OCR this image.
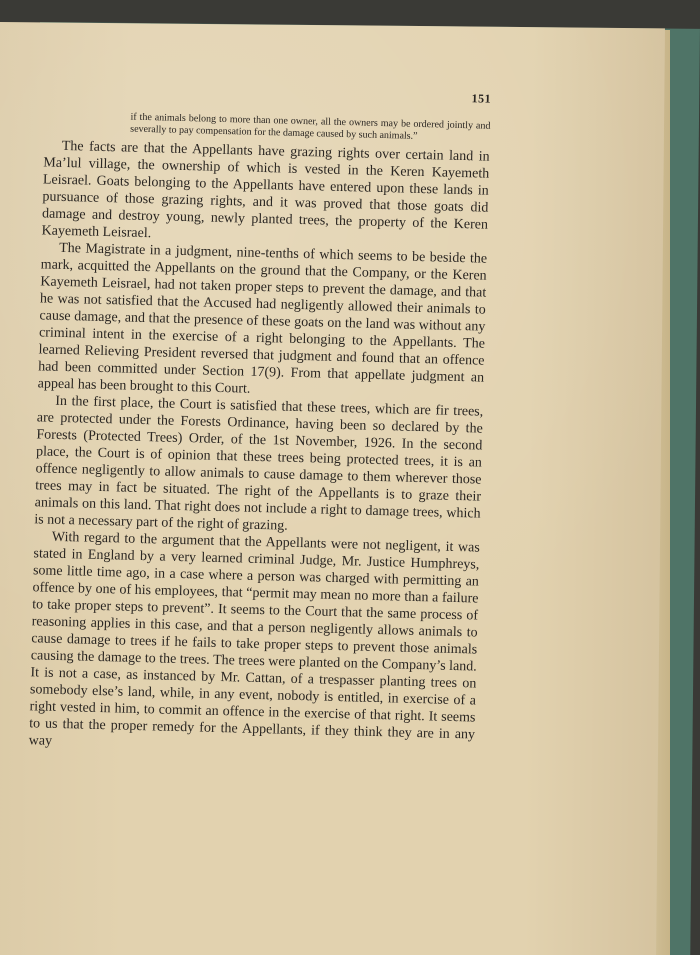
151

if the animals belong to more than one owner, all the owners may be ordered jointly and severally to pay compensation for the damage caused by such animals.”

The facts are that the Appellants have grazing rights over certain land in Ma’lul village, the ownership of which is vested in the Keren Kayemeth Leisrael. Goats belonging to the Appellants have entered upon these lands in pursuance of those grazing rights, and it was proved that those goats did damage and destroy young, newly planted trees, the property of the Keren Kayemeth Leisrael.

The Magistrate in a judgment, nine-tenths of which seems to be beside the mark, acquitted the Appellants on the ground that the Company, or the Keren Kayemeth Leisrael, had not taken proper steps to prevent the damage, and that he was not satisfied that the Accused had negligently allowed their animals to cause damage, and that the presence of these goats on the land was without any criminal intent in the exercise of a right belonging to the Appellants. The learned Relieving President reversed that judgment and found that an offence had been committed under Section 17(9). From that appellate judgment an appeal has been brought to this Court.

In the first place, the Court is satisfied that these trees, which are fir trees, are protected under the Forests Ordinance, having been so declared by the Forests (Protected Trees) Order, of the 1st November, 1926. In the second place, the Court is of opinion that these trees being protected trees, it is an offence negligently to allow animals to cause damage to them wherever those trees may in fact be situated. The right of the Appellants is to graze their animals on this land. That right does not include a right to damage trees, which is not a necessary part of the right of grazing.

With regard to the argument that the Appellants were not negligent, it was stated in England by a very learned criminal Judge, Mr. Justice Humphreys, some little time ago, in a case where a person was charged with permitting an offence by one of his employees, that “permit may mean no more than a failure to take proper steps to prevent”. It seems to the Court that the same process of reasoning applies in this case, and that a person negligently allows animals to cause damage to trees if he fails to take proper steps to prevent those animals causing the damage to the trees. The trees were planted on the Company’s land. It is not a case, as instanced by Mr. Cattan, of a trespasser planting trees on somebody else’s land, while, in any event, nobody is entitled, in exercise of a right vested in him, to commit an offence in the exercise of that right. It seems to us that the proper remedy for the Appellants, if they think they are in any way
